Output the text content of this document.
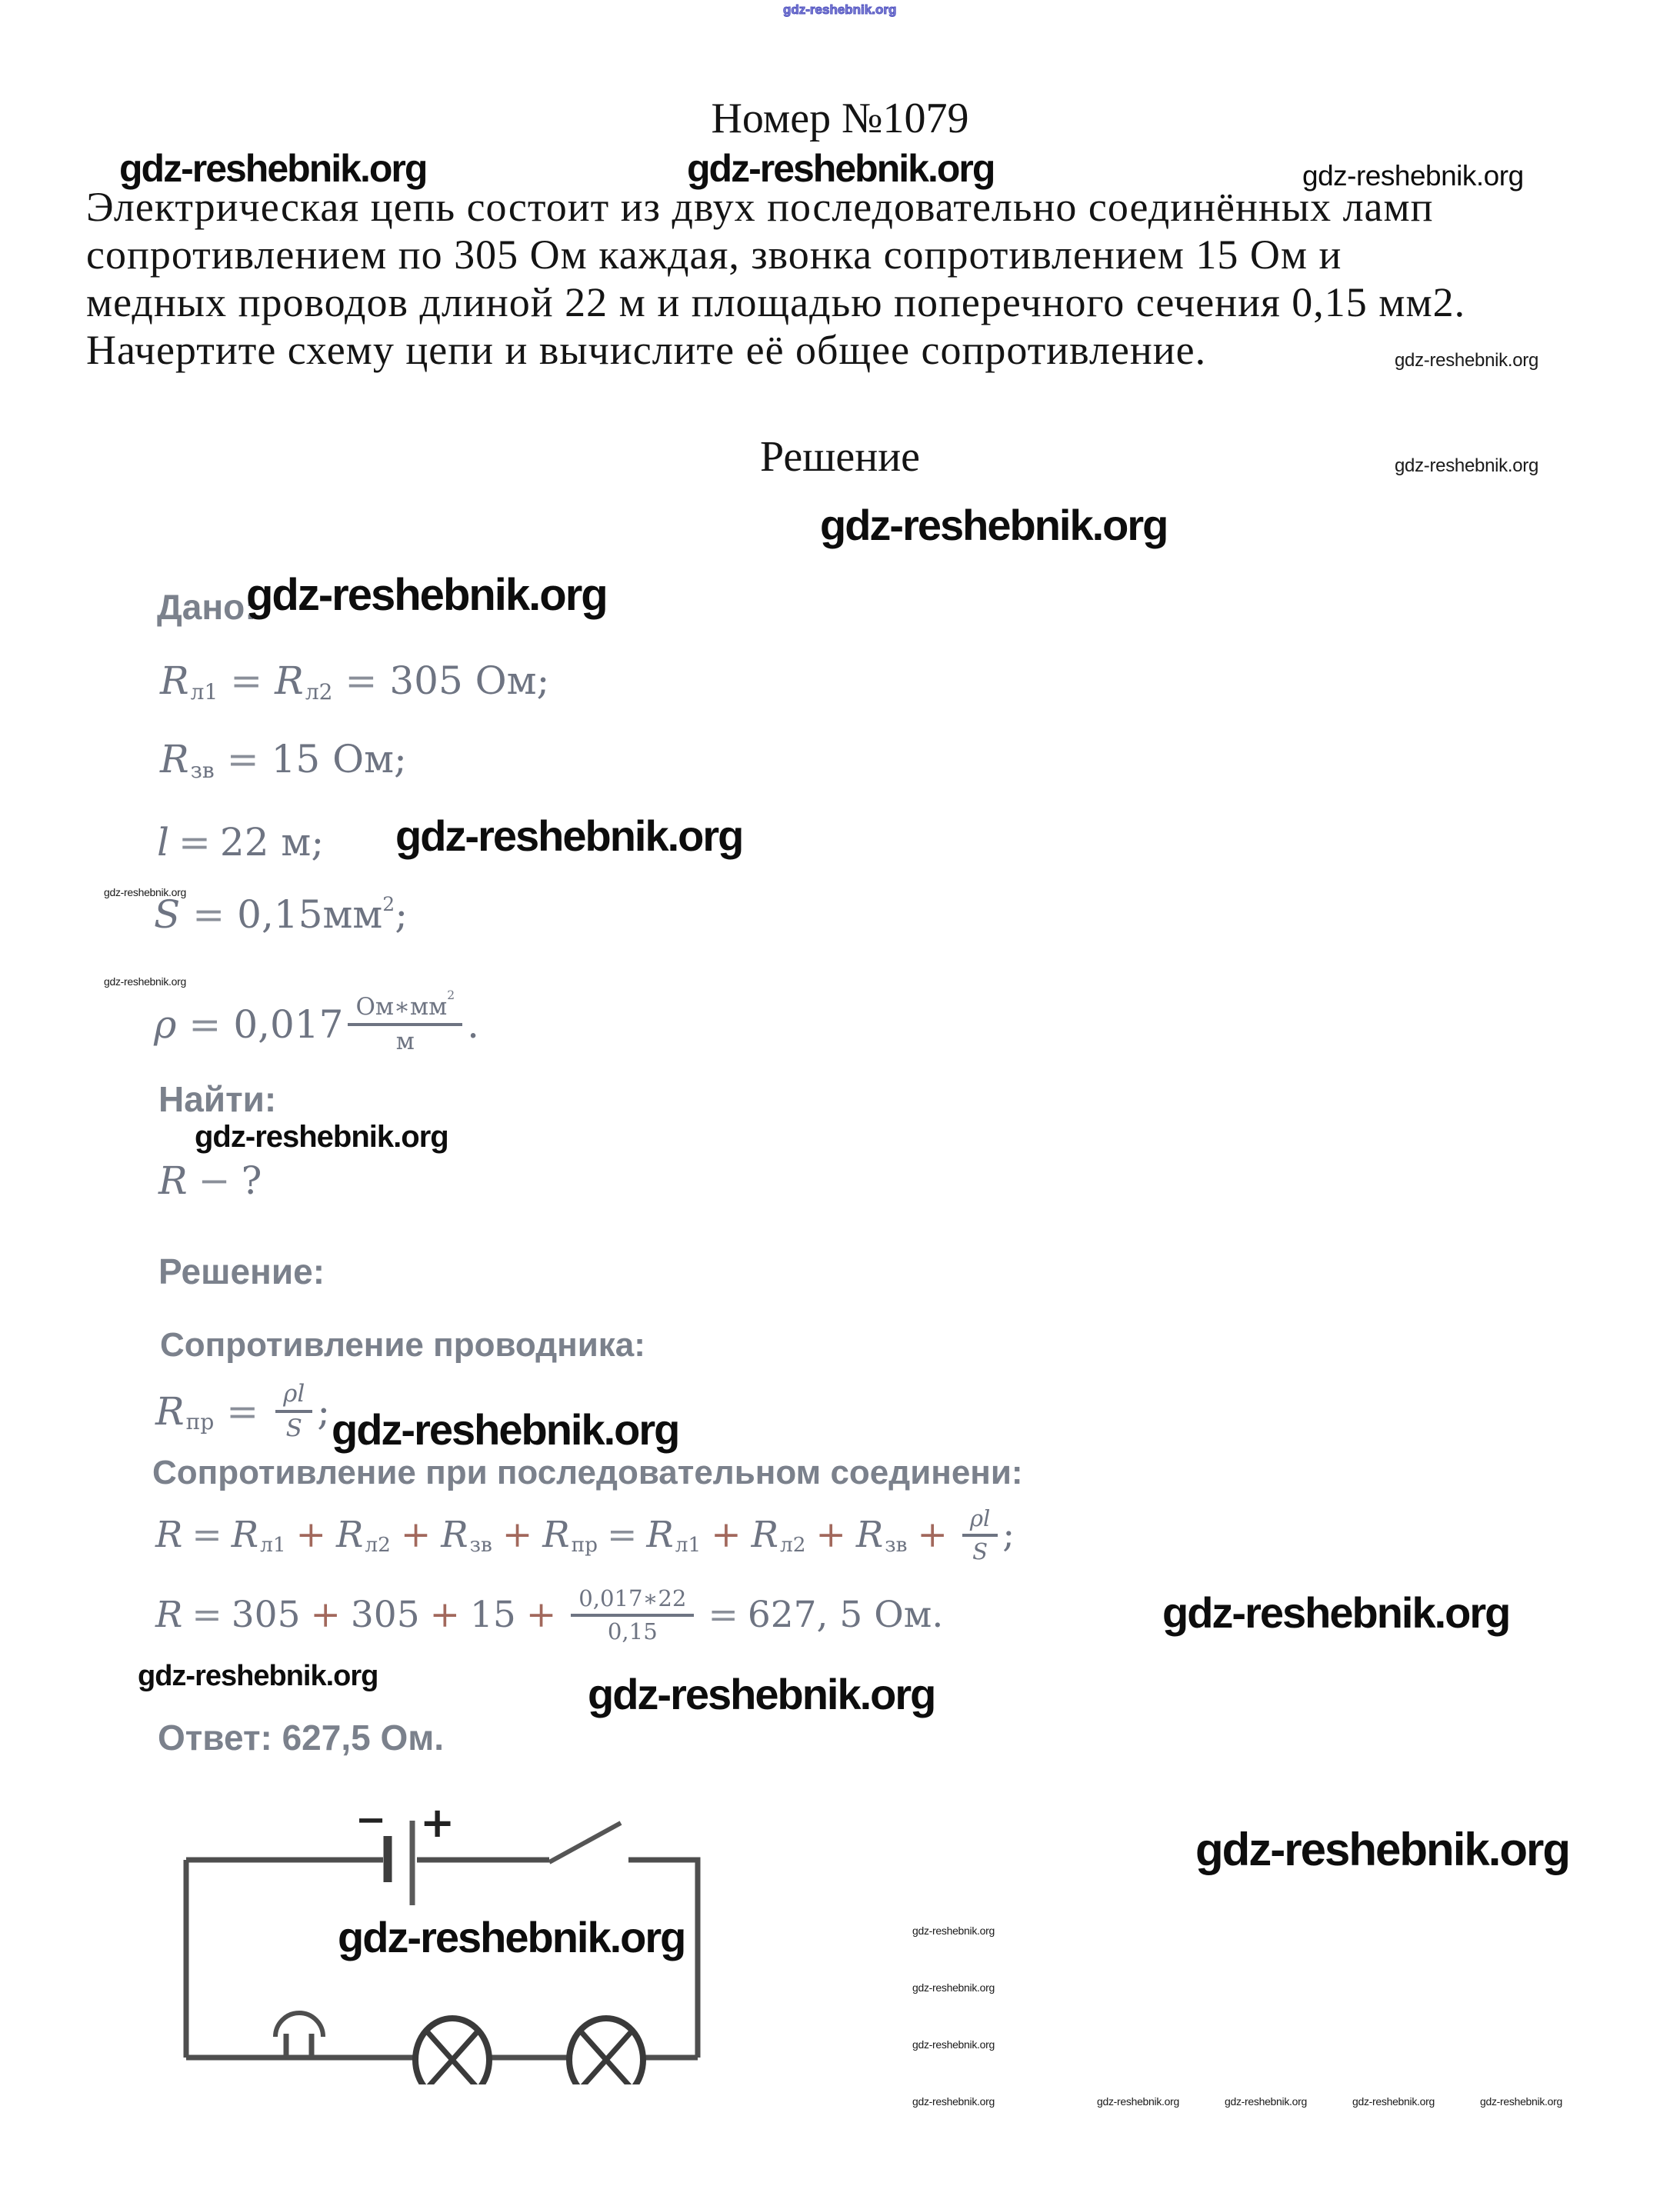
gdz-reshebnik.org
Номер №1079
gdz-reshebnik.org	gdz-reshebnik.org	gdz-reshebnik.org
Электрическая цепь состоит из двух последовательно соединённых ламп
сопротивлением по 305 Ом каждая, звонка сопротивлением 15 Ом и
медных проводов длиной 22 м и площадью поперечного сечения 0,15 мм2.
Начертите схему цепи и вычислите её общее сопротивление.	gdz-reshebnik.org
Решение	gdz-reshebnik.org
gdz-reshebnik.org
Дано:
gdz-reshebnik.org
$R_{л1} = R_{л2} = 305$ Ом;
$R_{зв} = 15$ Ом;
l = 22 м; gdz-reshebnik.org
gdz-reshebnik.org
$S = 0,15мм^2$ ;
gdz-reshebnik.org
$\rho = 0,017 \frac{Ом∗мм^2}{м}$ .
Найти:
gdz-reshebnik.org
R − ?
Решение:
Сопротивление проводника:
$R_{пр} = \frac{\rho l}{S}$ ; gdz-reshebnik.org
Сопротивление при последовательном соединени:
$R = R_{л1} + R_{л2} + R_{зв} + R_{пр} = R_{л1} + R_{л2} + R_{зв} + \frac{\rho l}{S}$ ;
gdz-reshebnik.org
$R = 305 + 305 + 15 + \frac{0,017∗22}{0,15} = 627$, 5 Ом.
gdz-reshebnik.org	gdz-reshebnik.org
Ответ: 627,5 Ом.
− +
gdz-reshebnik.org
gdz-reshebnik.org	gdz-reshebnik.org
gdz-reshebnik.org
gdz-reshebnik.org
gdz-reshebnik.org	gdz-reshebnik.org	gdz-reshebnik.org	gdz-reshebnik.org	gdz-reshebnik.org
